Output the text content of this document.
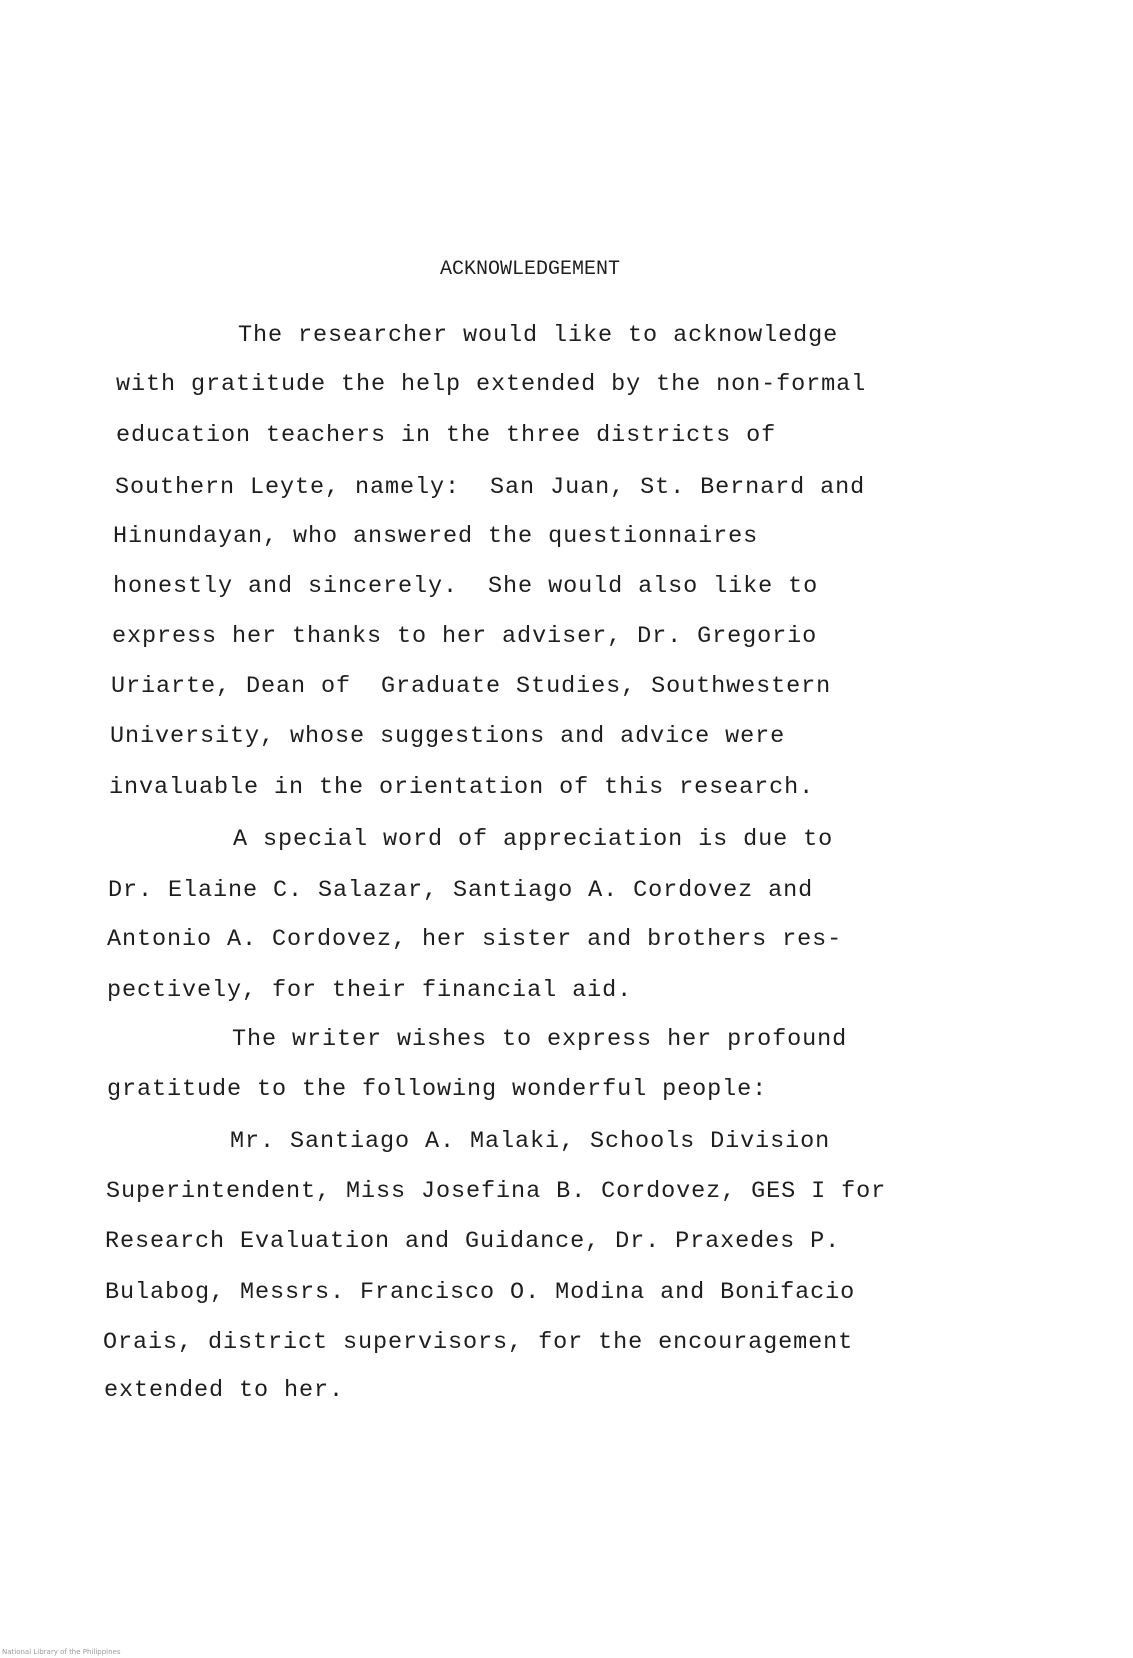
ACKNOWLEDGEMENT
The researcher would like to acknowledge
with gratitude the help extended by the non-formal
education teachers in the three districts of
Southern Leyte, namely:  San Juan, St. Bernard and
Hinundayan, who answered the questionnaires
honestly and sincerely.  She would also like to
express her thanks to her adviser, Dr. Gregorio
Uriarte, Dean of  Graduate Studies, Southwestern
University, whose suggestions and advice were
invaluable in the orientation of this research.
A special word of appreciation is due to
Dr. Elaine C. Salazar, Santiago A. Cordovez and
Antonio A. Cordovez, her sister and brothers res-
pectively, for their financial aid.
The writer wishes to express her profound
gratitude to the following wonderful people:
Mr. Santiago A. Malaki, Schools Division
Superintendent, Miss Josefina B. Cordovez, GES I for
Research Evaluation and Guidance, Dr. Praxedes P.
Bulabog, Messrs. Francisco O. Modina and Bonifacio
Orais, district supervisors, for the encouragement
extended to her.
National Library of the Philippines
